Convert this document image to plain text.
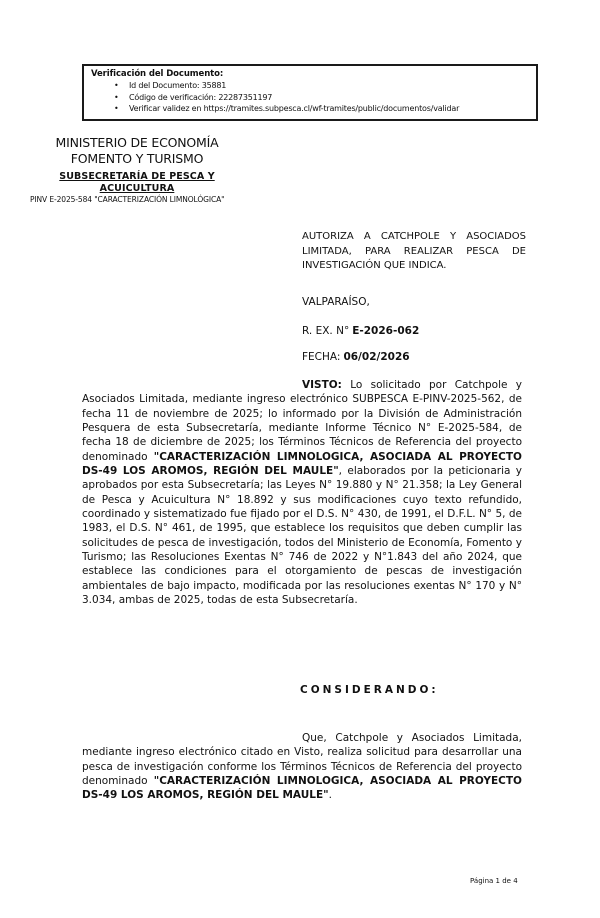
Verificación del Documento:
• Id del Documento: 35881
• Código de verificación: 22287351197
• Verificar validez en https://tramites.subpesca.cl/wf-tramites/public/documentos/validar
MINISTERIO DE ECONOMÍA
FOMENTO Y TURISMO
SUBSECRETARÍA DE PESCA Y ACUICULTURA
PINV E-2025-584 "CARACTERIZACIÓN LIMNOLÓGICA"
AUTORIZA A CATCHPOLE Y ASOCIADOS LIMITADA, PARA REALIZAR PESCA DE INVESTIGACIÓN QUE INDICA.
VALPARAÍSO,
R. EX. N° E-2026-062
FECHA: 06/02/2026

VISTO: Lo solicitado por Catchpole y Asociados Limitada, mediante ingreso electrónico SUBPESCA E-PINV-2025-562, de fecha 11 de noviembre de 2025; lo informado por la División de Administración Pesquera de esta Subsecretaría, mediante Informe Técnico N° E-2025-584, de fecha 18 de diciembre de 2025; los Términos Técnicos de Referencia del proyecto denominado "CARACTERIZACIÓN LIMNOLOGICA, ASOCIADA AL PROYECTO DS-49 LOS AROMOS, REGIÓN DEL MAULE", elaborados por la peticionaria y aprobados por esta Subsecretaría; las Leyes N° 19.880 y N° 21.358; la Ley General de Pesca y Acuicultura N° 18.892 y sus modificaciones cuyo texto refundido, coordinado y sistematizado fue fijado por el D.S. N° 430, de 1991, el D.F.L. N° 5, de 1983, el D.S. N° 461, de 1995, que establece los requisitos que deben cumplir las solicitudes de pesca de investigación, todos del Ministerio de Economía, Fomento y Turismo; las Resoluciones Exentas N° 746 de 2022 y N°1.843 del año 2024, que establece las condiciones para el otorgamiento de pescas de investigación ambientales de bajo impacto, modificada por las resoluciones exentas N° 170 y N° 3.034, ambas de 2025, todas de esta Subsecretaría.

CONSIDERANDO:

Que, Catchpole y Asociados Limitada, mediante ingreso electrónico citado en Visto, realiza solicitud para desarrollar una pesca de investigación conforme los Términos Técnicos de Referencia del proyecto denominado "CARACTERIZACIÓN LIMNOLOGICA, ASOCIADA AL PROYECTO DS-49 LOS AROMOS, REGIÓN DEL MAULE".

Página 1 de 4
